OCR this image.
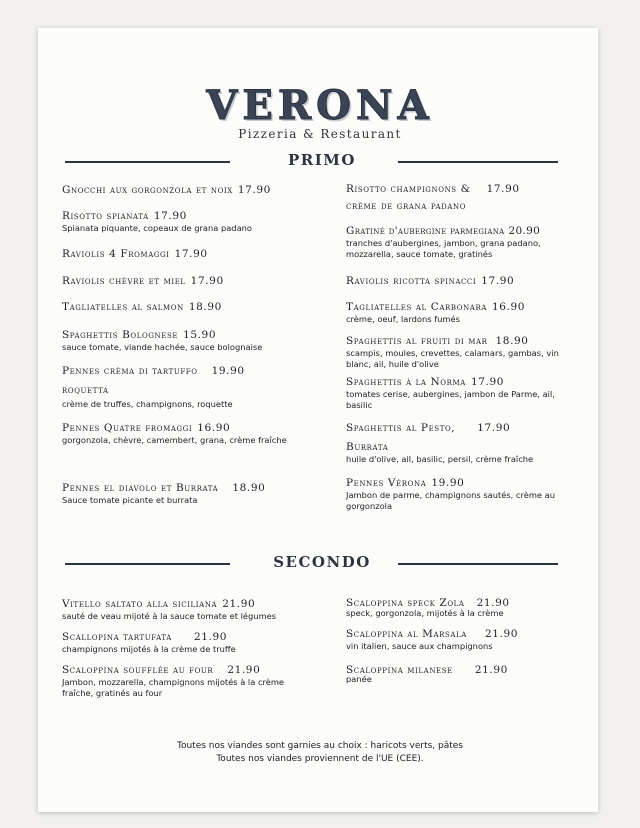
VERONA
Pizzeria & Restaurant
PRIMO
Gnocchi aux gorgonzola et noix 17.90
Risotto spianata 17.90
Spianata piquante, copeaux de grana padano
Raviolis 4 Fromaggi 17.90
Raviolis chèvre et miel 17.90
Tagliatelles al salmon 18.90
Spaghettis Bolognese 15.90
sauce tomate, viande hachée, sauce bolognaise
Pennes crèma di tartuffo 19.90
roquetta
crème de truffes, champignons, roquette
Pennes Quatre fromaggi 16.90
gorgonzola, chèvre, camembert, grana, crème fraîche
Pennes el diavolo et Burrata 18.90
Sauce tomate picante et burrata
Risotto champignons & 17.90
crème de grana padano
Gratiné d'aubergine parmegiana 20.90
tranches d'aubergines, jambon, grana padano, mozzarella, sauce tomate, gratinés
Raviolis ricotta spinacci 17.90
Tagliatelles al Carbonara 16.90
crème, oeuf, lardons fumés
Spaghettis al fruiti di mar 18.90
scampis, moules, crevettes, calamars, gambas, vin blanc, ail, huile d'olive
Spaghettis à la Norma 17.90
tomates cerise, aubergines, jambon de Parme, ail, basilic
Spaghettis al Pesto, 17.90
Burrata
huile d'olive, ail, basilic, persil, crème fraîche
Pennes Vérona 19.90
Jambon de parme, champignons sautés, crème au gorgonzola
SECONDO
Vitello saltato alla siciliana 21.90
sauté de veau mijoté à la sauce tomate et légumes
Scallopina tartufata 21.90
champignons mijotés à la crème de truffe
Scaloppina soufflée au four 21.90
Jambon, mozzarella, champignons mijotés à la crème fraîche, gratinés au four
Scaloppina speck Zola 21.90
speck, gorgonzola, mijotés à la crème
Scaloppina al Marsala 21.90
vin italien, sauce aux champignons
Scaloppina milanese 21.90
panée
Toutes nos viandes sont garnies au choix : haricots verts, pâtes
Toutes nos viandes proviennent de l'UE (CEE).
